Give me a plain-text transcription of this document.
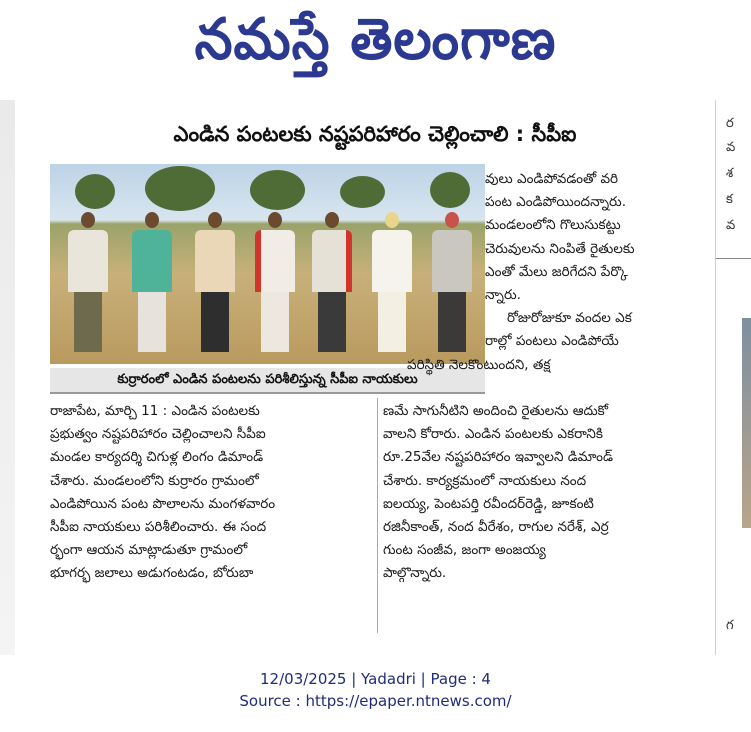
నమస్తే తెలంగాణ
ఎండిన పంటలకు నష్టపరిహారం చెల్లించాలి : సీపీఐ
కుర్రారంలో ఎండిన పంటలను పరిశీలిస్తున్న సీపీఐ నాయకులు

వులు ఎండిపోవడంతో వరి

పంట ఎండిపోయిందన్నారు.

మండలంలోని గొలుసుకట్టు

చెరువులను నింపితే రైతులకు

ఎంతో మేలు జరిగేదని పేర్కొ

న్నారు.

రోజురోజుకూ వందల ఎక

రాల్లో పంటలు ఎండిపోయే

పరిస్థితి నెలకొంటుందని, తక్ష

రాజాపేట, మార్చి 11 : ఎండిన పంటలకు

ప్రభుత్వం నష్టపరిహారం చెల్లించాలని సీపీఐ

మండల కార్యదర్శి చిగుళ్ల లింగం డిమాండ్

చేశారు. మండలంలోని కుర్రారం గ్రామంలో

ఎండిపోయిన పంట పొలాలను మంగళవారం

సీపీఐ నాయకులు పరిశీలించారు. ఈ సంద

ర్భంగా ఆయన మాట్లాడుతూ గ్రామంలో

భూగర్భ జలాలు అడుగంటడం, బోరుబా

ణమే సాగునీటిని అందించి రైతులను ఆదుకో

వాలని కోరారు. ఎండిన పంటలకు ఎకరానికి

రూ.25వేల నష్టపరిహారం ఇవ్వాలని డిమాండ్

చేశారు. కార్యక్రమంలో నాయకులు నంద

ఐలయ్య, పెంటపర్తి రవీందర్‌రెడ్డి, జూకంటి

రజినీకాంత్, నంద వీరేశం, రాగుల నరేశ్, ఎర్ర

గుంట సంజీవ, జంగా అంజయ్య

పాల్గొన్నారు.

ర
వ
శ
క
వ
గ
12/03/2025 | Yadadri | Page : 4
Source : https://epaper.ntnews.com/
